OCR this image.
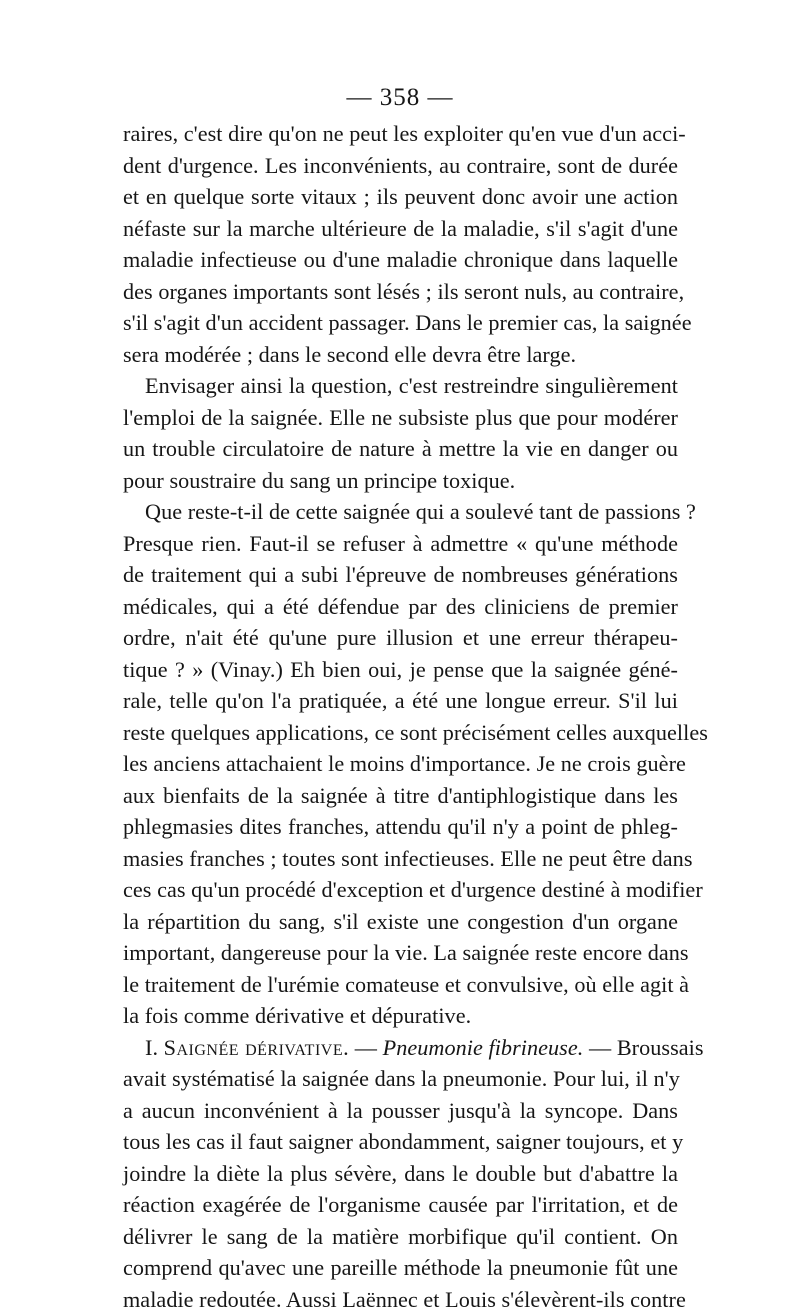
— 358 —
raires, c'est dire qu'on ne peut les exploiter qu'en vue d'un acci-
dent d'urgence. Les inconvénients, au contraire, sont de durée
et en quelque sorte vitaux ; ils peuvent donc avoir une action
néfaste sur la marche ultérieure de la maladie, s'il s'agit d'une
maladie infectieuse ou d'une maladie chronique dans laquelle
des organes importants sont lésés ; ils seront nuls, au contraire,
s'il s'agit d'un accident passager. Dans le premier cas, la saignée
sera modérée ; dans le second elle devra être large.
Envisager ainsi la question, c'est restreindre singulièrement
l'emploi de la saignée. Elle ne subsiste plus que pour modérer
un trouble circulatoire de nature à mettre la vie en danger ou
pour soustraire du sang un principe toxique.
Que reste-t-il de cette saignée qui a soulevé tant de passions ?
Presque rien. Faut-il se refuser à admettre « qu'une méthode
de traitement qui a subi l'épreuve de nombreuses générations
médicales, qui a été défendue par des cliniciens de premier
ordre, n'ait été qu'une pure illusion et une erreur thérapeu-
tique ? » (Vinay.) Eh bien oui, je pense que la saignée géné-
rale, telle qu'on l'a pratiquée, a été une longue erreur. S'il lui
reste quelques applications, ce sont précisément celles auxquelles
les anciens attachaient le moins d'importance. Je ne crois guère
aux bienfaits de la saignée à titre d'antiphlogistique dans les
phlegmasies dites franches, attendu qu'il n'y a point de phleg-
masies franches ; toutes sont infectieuses. Elle ne peut être dans
ces cas qu'un procédé d'exception et d'urgence destiné à modifier
la répartition du sang, s'il existe une congestion d'un organe
important, dangereuse pour la vie. La saignée reste encore dans
le traitement de l'urémie comateuse et convulsive, où elle agit à
la fois comme dérivative et dépurative.
I. Saignée dérivative. — Pneumonie fibrineuse. — Broussais
avait systématisé la saignée dans la pneumonie. Pour lui, il n'y
a aucun inconvénient à la pousser jusqu'à la syncope. Dans
tous les cas il faut saigner abondamment, saigner toujours, et y
joindre la diète la plus sévère, dans le double but d'abattre la
réaction exagérée de l'organisme causée par l'irritation, et de
délivrer le sang de la matière morbifique qu'il contient. On
comprend qu'avec une pareille méthode la pneumonie fût une
maladie redoutée. Aussi Laënnec et Louis s'élevèrent-ils contre
